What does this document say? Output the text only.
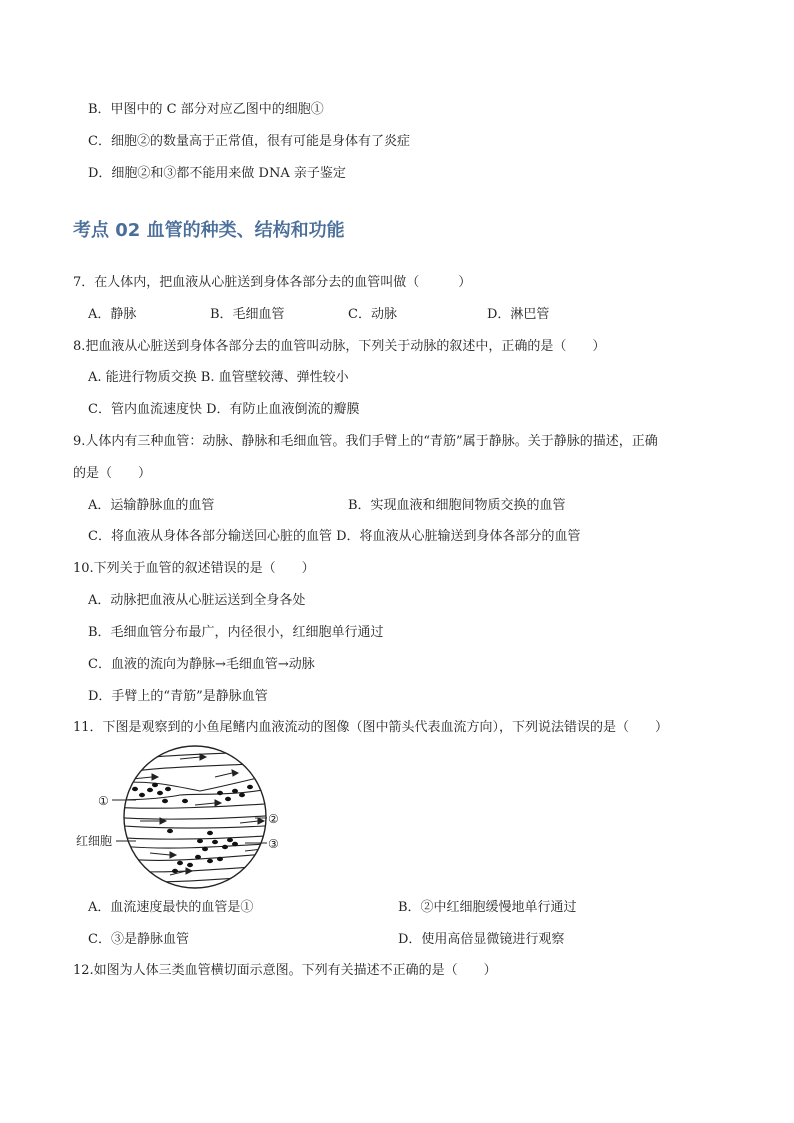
B．甲图中的 C 部分对应乙图中的细胞①
C．细胞②的数量高于正常值，很有可能是身体有了炎症
D．细胞②和③都不能用来做 DNA 亲子鉴定
考点 02 血管的种类、结构和功能
7．在人体内，把血液从心脏送到身体各部分去的血管叫做（　　　）
A．静脉	B．毛细血管	C．动脉	D．淋巴管
8.把血液从心脏送到身体各部分去的血管叫动脉，下列关于动脉的叙述中，正确的是（　　）
A. 能进行物质交换 B. 血管壁较薄、弹性较小
C．管内血流速度快 D．有防止血液倒流的瓣膜
9.人体内有三种血管：动脉、静脉和毛细血管。我们手臂上的“青筋”属于静脉。关于静脉的描述，正确
的是（　　）
A．运输静脉血的血管	B．实现血液和细胞间物质交换的血管
C．将血液从身体各部分输送回心脏的血管 D．将血液从心脏输送到身体各部分的血管
10.下列关于血管的叙述错误的是（　　）
A．动脉把血液从心脏运送到全身各处
B．毛细血管分布最广，内径很小，红细胞单行通过
C．血液的流向为静脉→毛细血管→动脉
D．手臂上的“青筋”是静脉血管
11．下图是观察到的小鱼尾鳍内血液流动的图像（图中箭头代表血流方向），下列说法错误的是（　　）
①
②
③
红细胞
A．血流速度最快的血管是①	B．②中红细胞缓慢地单行通过
C．③是静脉血管	D．使用高倍显微镜进行观察
12.如图为人体三类血管横切面示意图。下列有关描述不正确的是（　　）
